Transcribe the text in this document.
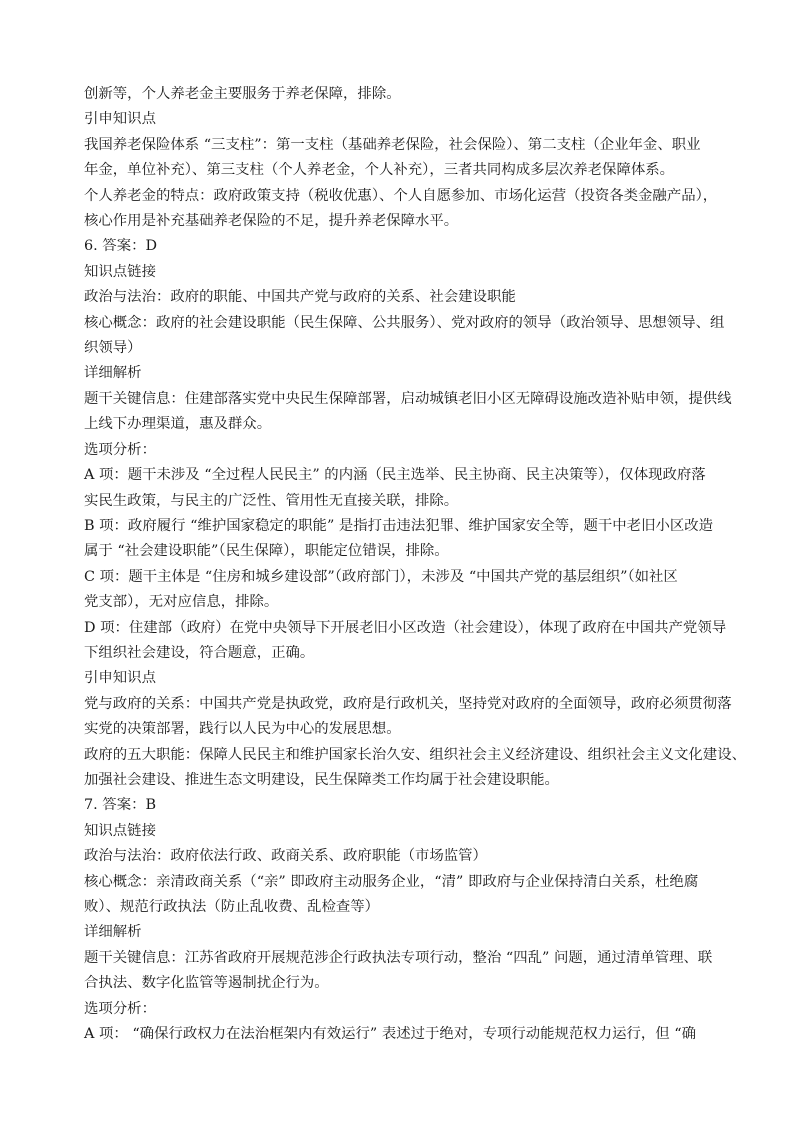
创新等，个人养老金主要服务于养老保障，排除。

引申知识点

我国养老保险体系 “三支柱”：第一支柱（基础养老保险，社会保险）、第二支柱（企业年金、职业

年金，单位补充）、第三支柱（个人养老金，个人补充），三者共同构成多层次养老保障体系。

个人养老金的特点：政府政策支持（税收优惠）、个人自愿参加、市场化运营（投资各类金融产品），

核心作用是补充基础养老保险的不足，提升养老保障水平。

6. 答案：D

知识点链接

政治与法治：政府的职能、中国共产党与政府的关系、社会建设职能

核心概念：政府的社会建设职能（民生保障、公共服务）、党对政府的领导（政治领导、思想领导、组

织领导）

详细解析

题干关键信息：住建部落实党中央民生保障部署，启动城镇老旧小区无障碍设施改造补贴申领，提供线

上线下办理渠道，惠及群众。

选项分析：

A 项：题干未涉及 “全过程人民民主” 的内涵（民主选举、民主协商、民主决策等），仅体现政府落

实民生政策，与民主的广泛性、管用性无直接关联，排除。

B 项：政府履行 “维护国家稳定的职能” 是指打击违法犯罪、维护国家安全等，题干中老旧小区改造

属于 “社会建设职能”（民生保障），职能定位错误，排除。

C 项：题干主体是 “住房和城乡建设部”（政府部门），未涉及 “中国共产党的基层组织”（如社区

党支部），无对应信息，排除。

D 项：住建部（政府）在党中央领导下开展老旧小区改造（社会建设），体现了政府在中国共产党领导

下组织社会建设，符合题意，正确。

引申知识点

党与政府的关系：中国共产党是执政党，政府是行政机关，坚持党对政府的全面领导，政府必须贯彻落

实党的决策部署，践行以人民为中心的发展思想。

政府的五大职能：保障人民民主和维护国家长治久安、组织社会主义经济建设、组织社会主义文化建设、

加强社会建设、推进生态文明建设，民生保障类工作均属于社会建设职能。

7. 答案：B

知识点链接

政治与法治：政府依法行政、政商关系、政府职能（市场监管）

核心概念：亲清政商关系（“亲” 即政府主动服务企业，“清” 即政府与企业保持清白关系，杜绝腐

败）、规范行政执法（防止乱收费、乱检查等）

详细解析

题干关键信息：江苏省政府开展规范涉企行政执法专项行动，整治 “四乱” 问题，通过清单管理、联

合执法、数字化监管等遏制扰企行为。

选项分析：

A 项： “确保行政权力在法治框架内有效运行” 表述过于绝对，专项行动能规范权力运行，但 “确
